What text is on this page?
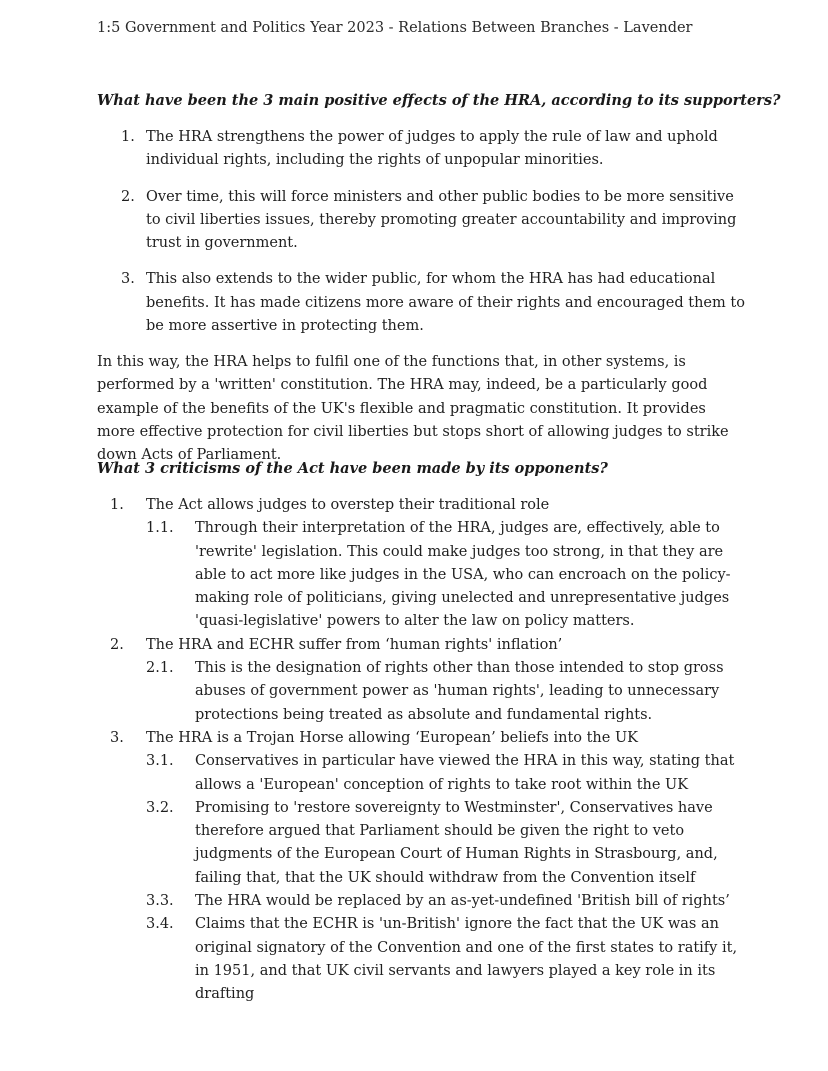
1:5 Government and Politics Year 2023 - Relations Between Branches - Lavender
What have been the 3 main positive effects of the HRA, according to its supporters?
1. The HRA strengthens the power of judges to apply the rule of law and uphold individual rights, including the rights of unpopular minorities.
2. Over time, this will force ministers and other public bodies to be more sensitive to civil liberties issues, thereby promoting greater accountability and improving trust in government.
3. This also extends to the wider public, for whom the HRA has had educational benefits. It has made citizens more aware of their rights and encouraged them to be more assertive in protecting them.
In this way, the HRA helps to fulfil one of the functions that, in other systems, is performed by a 'written' constitution. The HRA may, indeed, be a particularly good example of the benefits of the UK's flexible and pragmatic constitution. It provides more effective protection for civil liberties but stops short of allowing judges to strike down Acts of Parliament.
What 3 criticisms of the Act have been made by its opponents?
1. The Act allows judges to overstep their traditional role
1.1. Through their interpretation of the HRA, judges are, effectively, able to 'rewrite' legislation. This could make judges too strong, in that they are able to act more like judges in the USA, who can encroach on the policy-making role of politicians, giving unelected and unrepresentative judges 'quasi-legislative' powers to alter the law on policy matters.
2. The HRA and ECHR suffer from ‘human rights' inflation’
2.1. This is the designation of rights other than those intended to stop gross abuses of government power as 'human rights', leading to unnecessary protections being treated as absolute and fundamental rights.
3. The HRA is a Trojan Horse allowing ‘European’ beliefs into the UK
3.1. Conservatives in particular have viewed the HRA in this way, stating that allows a 'European' conception of rights to take root within the UK
3.2. Promising to 'restore sovereignty to Westminster', Conservatives have therefore argued that Parliament should be given the right to veto judgments of the European Court of Human Rights in Strasbourg, and, failing that, that the UK should withdraw from the Convention itself
3.3. The HRA would be replaced by an as-yet-undefined 'British bill of rights’
3.4. Claims that the ECHR is 'un-British' ignore the fact that the UK was an original signatory of the Convention and one of the first states to ratify it, in 1951, and that UK civil servants and lawyers played a key role in its drafting
